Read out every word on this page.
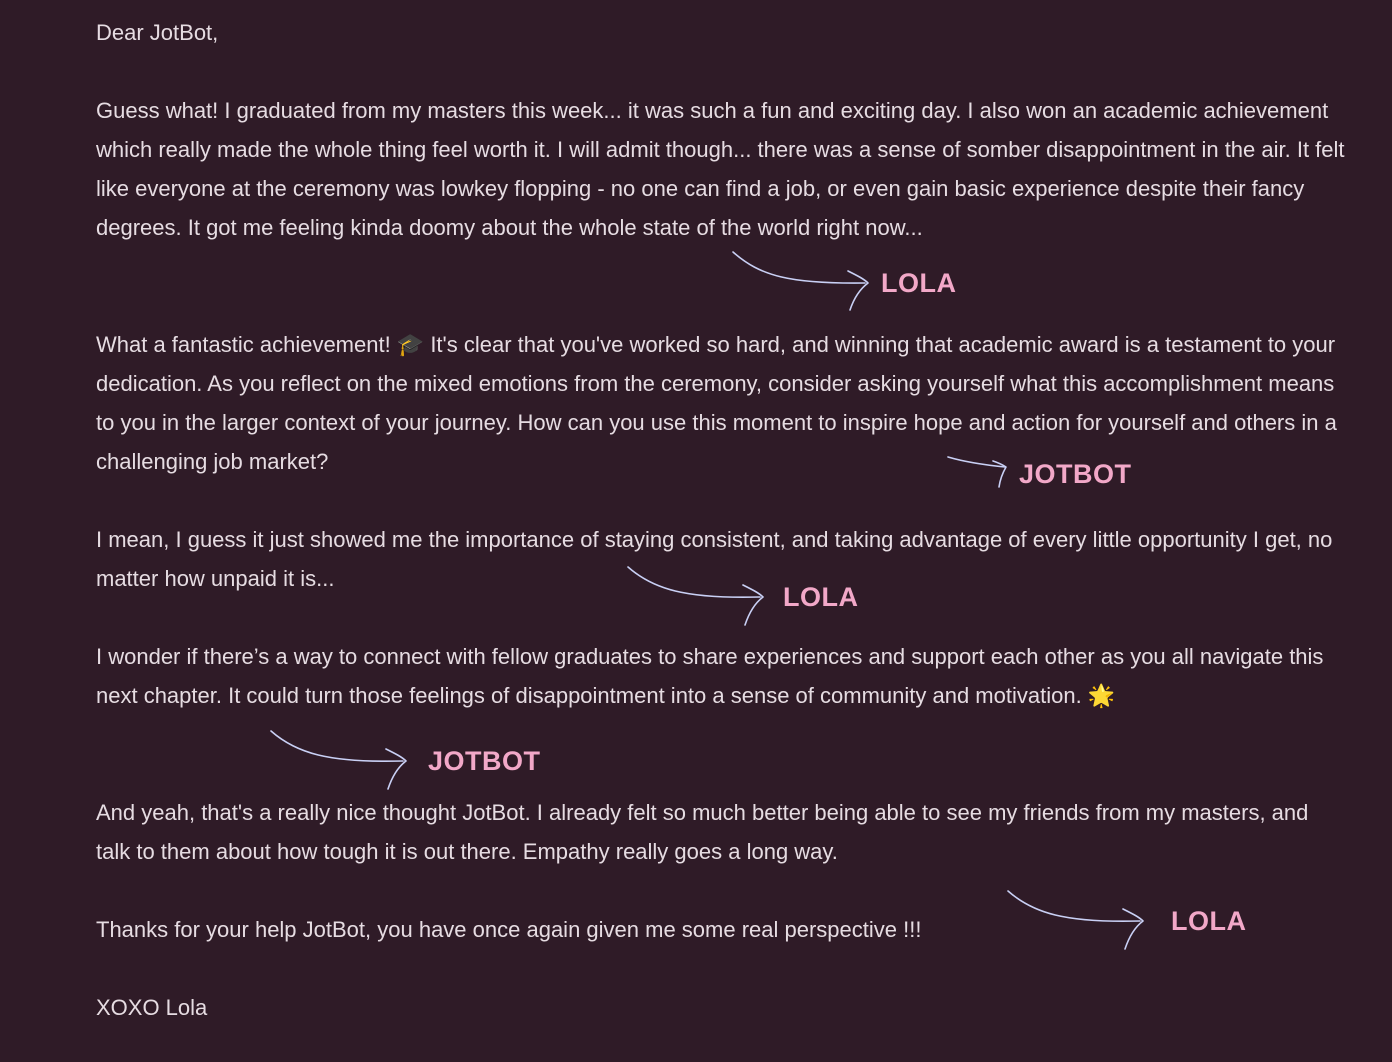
Dear JotBot,
Guess what! I graduated from my masters this week... it was such a fun and exciting day. I also won an academic achievement which really made the whole thing feel worth it. I will admit though... there was a sense of somber disappointment in the air. It felt like everyone at the ceremony was lowkey flopping - no one can find a job, or even gain basic experience despite their fancy degrees. It got me feeling kinda doomy about the whole state of the world right now...
What a fantastic achievement! 🎓 It's clear that you've worked so hard, and winning that academic award is a testament to your dedication. As you reflect on the mixed emotions from the ceremony, consider asking yourself what this accomplishment means to you in the larger context of your journey. How can you use this moment to inspire hope and action for yourself and others in a challenging job market?
I mean, I guess it just showed me the importance of staying consistent, and taking advantage of every little opportunity I get, no matter how unpaid it is...
I wonder if there’s a way to connect with fellow graduates to share experiences and support each other as you all navigate this next chapter. It could turn those feelings of disappointment into a sense of community and motivation. 🌟
And yeah, that's a really nice thought JotBot. I already felt so much better being able to see my friends from my masters, and talk to them about how tough it is out there. Empathy really goes a long way.
Thanks for your help JotBot, you have once again given me some real perspective !!!
XOXO Lola
LOLA
JOTBOT
LOLA
JOTBOT
LOLA
